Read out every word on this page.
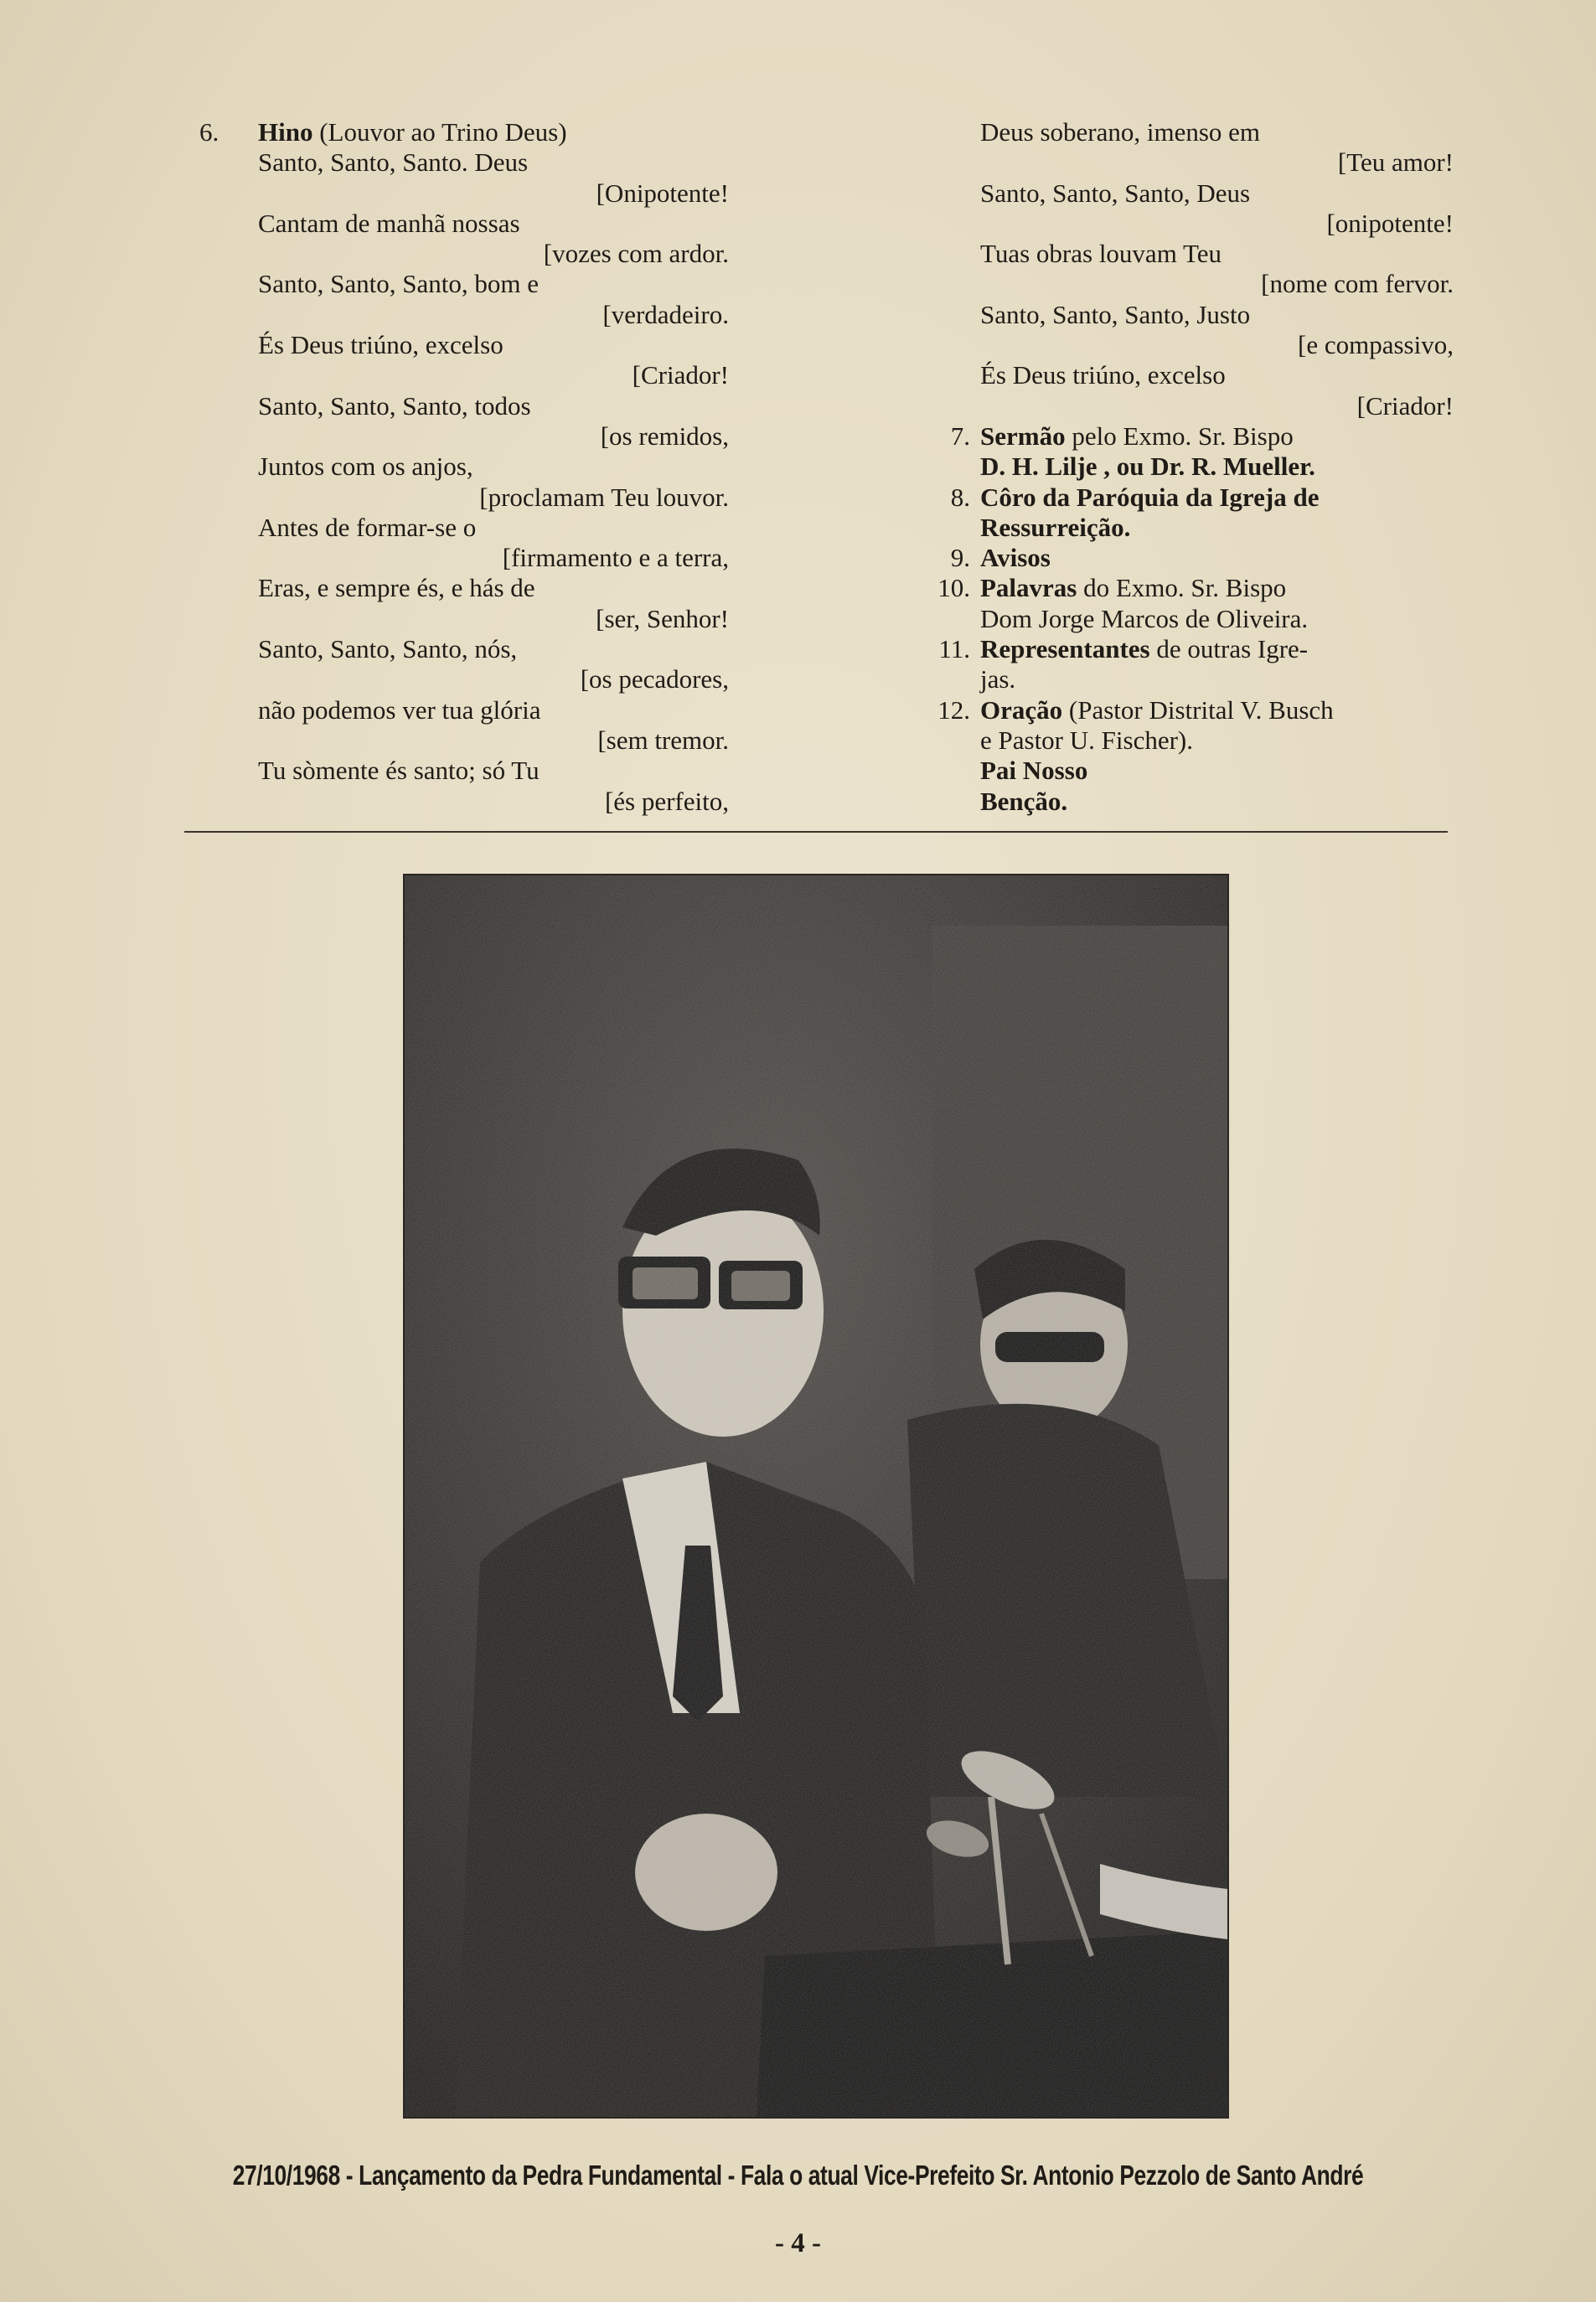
6. Hino (Louvor ao Trino Deus)
Santo, Santo, Santo. Deus
[Onipotente!
Cantam de manhã nossas
[vozes com ardor.
Santo, Santo, Santo, bom e
[verdadeiro.
És Deus triúno, excelso
[Criador!
Santo, Santo, Santo, todos
[os remidos,
Juntos com os anjos,
[proclamam Teu louvor.
Antes de formar-se o
[firmamento e a terra,
Eras, e sempre és, e hás de
[ser, Senhor!
Santo, Santo, Santo, nós,
[os pecadores,
não podemos ver tua glória
[sem tremor.
Tu sòmente és santo; só Tu
[és perfeito,
Deus soberano, imenso em
[Teu amor!
Santo, Santo, Santo, Deus
[onipotente!
Tuas obras louvam Teu
[nome com fervor.
Santo, Santo, Santo, Justo
[e compassivo,
És Deus triúno, excelso
[Criador!
7. Sermão pelo Exmo. Sr. Bispo
D. H. Lilje , ou Dr. R. Mueller.
8. Côro da Paróquia da Igreja de
Ressurreição.
9. Avisos
10. Palavras do Exmo. Sr. Bispo
Dom Jorge Marcos de Oliveira.
11. Representantes de outras Igre-
jas.
12. Oração (Pastor Distrital V. Busch
e Pastor U. Fischer).
Pai Nosso
Benção.
27/10/1968 - Lançamento da Pedra Fundamental - Fala o atual Vice-Prefeito Sr. Antonio Pezzolo de Santo André
- 4 -
